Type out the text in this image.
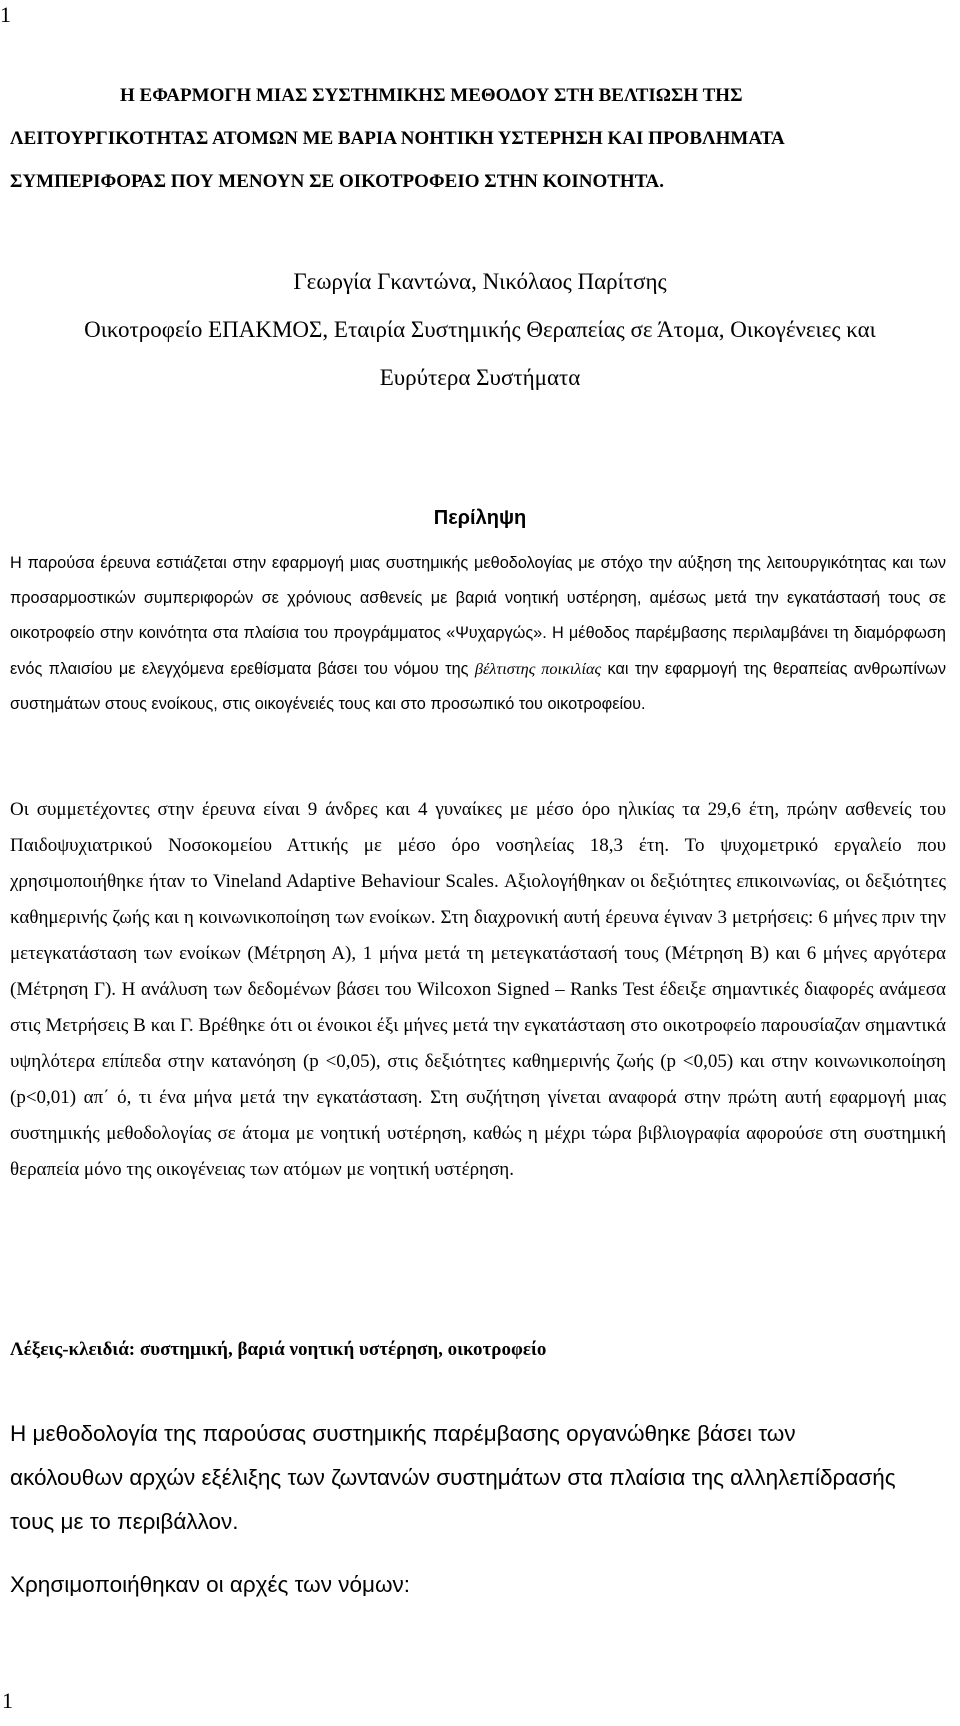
1
Η ΕΦΑΡΜΟΓΗ ΜΙΑΣ ΣΥΣΤΗΜΙΚΗΣ ΜΕΘΟΔΟΥ ΣΤΗ ΒΕΛΤΙΩΣΗ ΤΗΣ
ΛΕΙΤΟΥΡΓΙΚΟΤΗΤΑΣ ΑΤΟΜΩΝ ΜΕ ΒΑΡΙΑ ΝΟΗΤΙΚΗ ΥΣΤΕΡΗΣΗ ΚΑΙ ΠΡΟΒΛΗΜΑΤΑ
ΣΥΜΠΕΡΙΦΟΡΑΣ ΠΟΥ ΜΕΝΟΥΝ ΣΕ ΟΙΚΟΤΡΟΦΕΙΟ ΣΤΗΝ ΚΟΙΝΟΤΗΤΑ.
Γεωργία Γκαντώνα, Νικόλαος Παρίτσης
Οικοτροφείο ΕΠΑΚΜΟΣ, Εταιρία Συστημικής Θεραπείας σε Άτομα, Οικογένειες και
Ευρύτερα Συστήματα
Περίληψη

Η παρούσα έρευνα εστιάζεται στην εφαρμογή μιας συστημικής μεθοδολογίας με στόχο την αύξηση της λειτουργικότητας και των προσαρμοστικών συμπεριφορών σε χρόνιους ασθενείς με βαριά νοητική υστέρηση, αμέσως μετά την εγκατάστασή τους σε οικοτροφείο στην κοινότητα στα πλαίσια του προγράμματος «Ψυχαργώς». Η μέθοδος παρέμβασης περιλαμβάνει τη διαμόρφωση ενός πλαισίου με ελεγχόμενα ερεθίσματα βάσει του νόμου της βέλτιστης ποικιλίας και την εφαρμογή της θεραπείας ανθρωπίνων συστημάτων στους ενοίκους, στις οικογένειές τους και στο προσωπικό του οικοτροφείου.

Οι συμμετέχοντες στην έρευνα είναι 9 άνδρες και 4 γυναίκες με μέσο όρο ηλικίας τα 29,6 έτη, πρώην ασθενείς του Παιδοψυχιατρικού Νοσοκομείου Αττικής με μέσο όρο νοσηλείας 18,3 έτη. Το ψυχομετρικό εργαλείο που χρησιμοποιήθηκε ήταν το Vineland Adaptive Behaviour Scales. Αξιολογήθηκαν οι δεξιότητες επικοινωνίας, οι δεξιότητες καθημερινής ζωής και η κοινωνικοποίηση των ενοίκων. Στη διαχρονική αυτή έρευνα έγιναν 3 μετρήσεις: 6 μήνες πριν την μετεγκατάσταση των ενοίκων (Μέτρηση Α), 1 μήνα μετά τη μετεγκατάστασή τους (Μέτρηση Β) και 6 μήνες αργότερα (Μέτρηση Γ). Η ανάλυση των δεδομένων βάσει του Wilcoxon Signed – Ranks Test έδειξε σημαντικές διαφορές ανάμεσα στις Μετρήσεις Β και Γ. Βρέθηκε ότι οι ένοικοι έξι μήνες μετά την εγκατάσταση στο οικοτροφείο παρουσίαζαν σημαντικά υψηλότερα επίπεδα στην κατανόηση (p <0,05), στις δεξιότητες καθημερινής ζωής (p <0,05) και στην κοινωνικοποίηση (p<0,01) απ΄ ό, τι ένα μήνα μετά την εγκατάσταση. Στη συζήτηση γίνεται αναφορά στην πρώτη αυτή εφαρμογή μιας συστημικής μεθοδολογίας σε άτομα με νοητική υστέρηση, καθώς η μέχρι τώρα βιβλιογραφία αφορούσε στη συστημική θεραπεία μόνο της οικογένειας των ατόμων με νοητική υστέρηση.

Λέξεις-κλειδιά: συστημική, βαριά νοητική υστέρηση, οικοτροφείο

Η μεθοδολογία της παρούσας συστημικής παρέμβασης οργανώθηκε βάσει των ακόλουθων αρχών εξέλιξης των ζωντανών συστημάτων στα πλαίσια της αλληλεπίδρασής τους με το περιβάλλον.

Χρησιμοποιήθηκαν οι αρχές των νόμων:
1
